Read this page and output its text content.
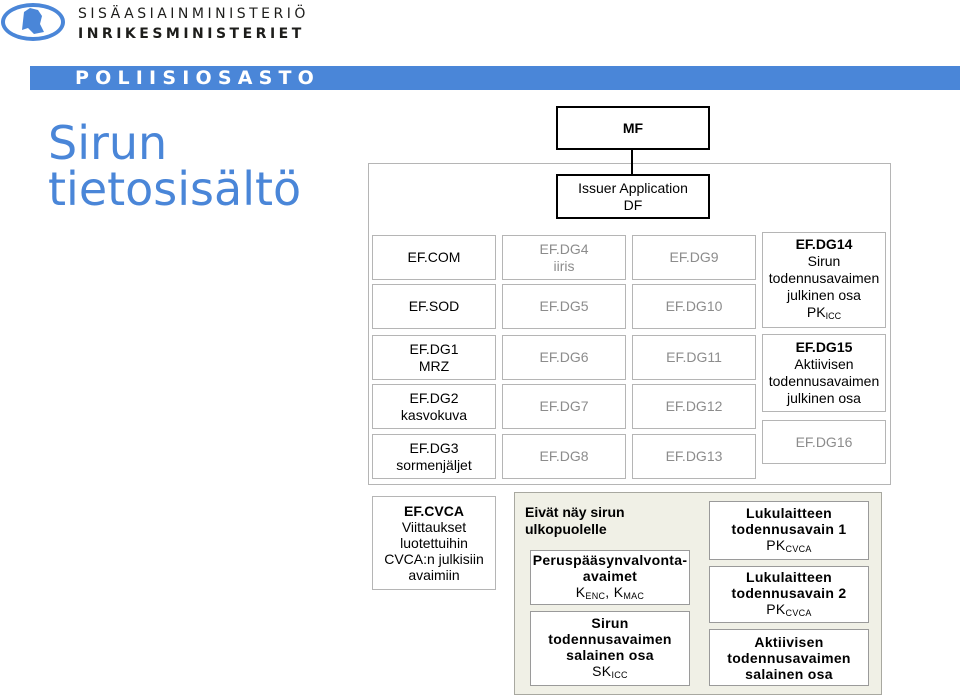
SISÄASIAINMINISTERIÖ
INRIKESMINISTERIET
POLIISIOSASTO
Sirun
tietosisältö
MF
Issuer Application
DF
EF.COM
EF.SOD
EF.DG1
MRZ
EF.DG2
kasvokuva
EF.DG3
sormenjäljet
EF.DG4
iiris
EF.DG5
EF.DG6
EF.DG7
EF.DG8
EF.DG9
EF.DG10
EF.DG11
EF.DG12
EF.DG13
EF.DG14
Sirun
todennusavaimen
julkinen osa
$PK_{ICC}$
EF.DG15
Aktiivisen
todennusavaimen
julkinen osa
EF.DG16
EF.CVCA
Viittaukset
luotettuihin
CVCA:n julkisiin
avaimiin
Eivät näy sirun
ulkopuolelle
Peruspääsynvalvonta-
avaimet
$K_{ENC}$, $K_{MAC}$
Sirun
todennusavaimen
salainen osa
$SK_{ICC}$
Lukulaitteen
todennusavain 1
$PK_{CVCA}$
Lukulaitteen
todennusavain 2
$PK_{CVCA}$
Aktiivisen
todennusavaimen
salainen osa
